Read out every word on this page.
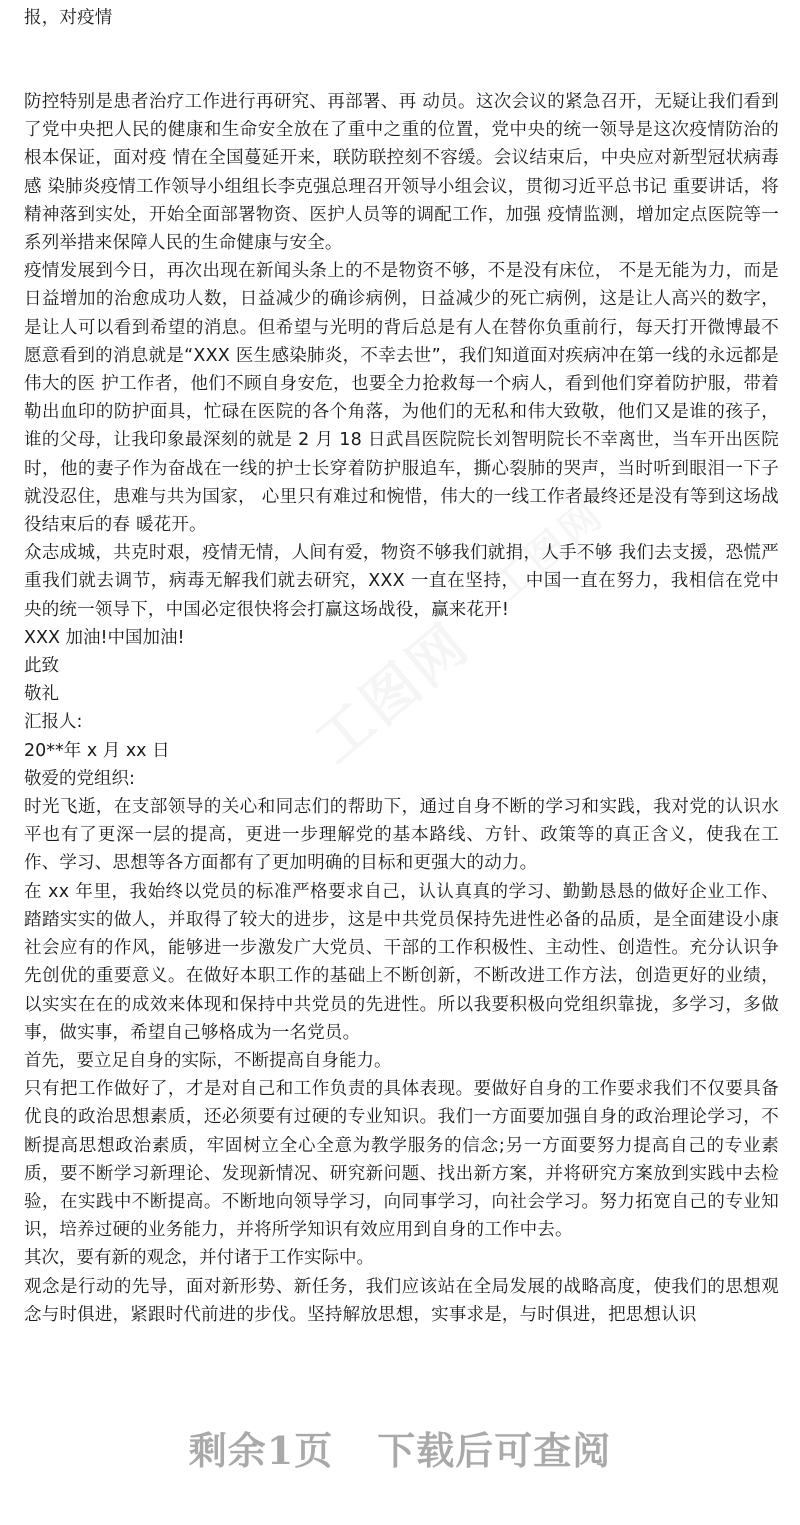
报，对疫情

防控特别是患者治疗工作进行再研究、再部署、再 动员。这次会议的紧急召开，无疑让我们看到了党中央把人民的健康和生命安全放在了重中之重的位置，党中央的统一领导是这次疫情防治的根本保证，面对疫 情在全国蔓延开来，联防联控刻不容缓。会议结束后，中央应对新型冠状病毒感 染肺炎疫情工作领导小组组长李克强总理召开领导小组会议，贯彻习近平总书记 重要讲话，将精神落到实处，开始全面部署物资、医护人员等的调配工作，加强 疫情监测，增加定点医院等一系列举措来保障人民的生命健康与安全。

疫情发展到今日，再次出现在新闻头条上的不是物资不够，不是没有床位， 不是无能为力，而是日益增加的治愈成功人数，日益减少的确诊病例，日益减少的死亡病例，这是让人高兴的数字，是让人可以看到希望的消息。但希望与光明的背后总是有人在替你负重前行，每天打开微博最不愿意看到的消息就是“XXX 医生感染肺炎，不幸去世”，我们知道面对疾病冲在第一线的永远都是伟大的医 护工作者，他们不顾自身安危，也要全力抢救每一个病人，看到他们穿着防护服，带着勒出血印的防护面具，忙碌在医院的各个角落，为他们的无私和伟大致敬，他们又是谁的孩子，谁的父母，让我印象最深刻的就是 2 月 18 日武昌医院院长刘智明院长不幸离世，当车开出医院时，他的妻子作为奋战在一线的护士长穿着防护服追车，撕心裂肺的哭声，当时听到眼泪一下子就没忍住，患难与共为国家， 心里只有难过和惋惜，伟大的一线工作者最终还是没有等到这场战役结束后的春 暖花开。

众志成城，共克时艰，疫情无情，人间有爱，物资不够我们就捐，人手不够 我们去支援，恐慌严重我们就去调节，病毒无解我们就去研究，XXX 一直在坚持， 中国一直在努力，我相信在党中央的统一领导下，中国必定很快将会打赢这场战役，赢来花开!

XXX 加油!中国加油!

此致

敬礼

汇报人:

20**年 x 月 xx 日

敬爱的党组织:

时光飞逝，在支部领导的关心和同志们的帮助下，通过自身不断的学习和实践，我对党的认识水平也有了更深一层的提高，更进一步理解党的基本路线、方针、政策等的真正含义，使我在工作、学习、思想等各方面都有了更加明确的目标和更强大的动力。

在 xx 年里，我始终以党员的标准严格要求自己，认认真真的学习、勤勤恳恳的做好企业工作、踏踏实实的做人，并取得了较大的进步，这是中共党员保持先进性必备的品质，是全面建设小康社会应有的作风，能够进一步激发广大党员、干部的工作积极性、主动性、创造性。充分认识争先创优的重要意义。在做好本职工作的基础上不断创新，不断改进工作方法，创造更好的业绩，以实实在在的成效来体现和保持中共党员的先进性。所以我要积极向党组织靠拢，多学习，多做事，做实事，希望自己够格成为一名党员。

首先，要立足自身的实际，不断提高自身能力。

只有把工作做好了，才是对自己和工作负责的具体表现。要做好自身的工作要求我们不仅要具备优良的政治思想素质，还必须要有过硬的专业知识。我们一方面要加强自身的政治理论学习，不断提高思想政治素质，牢固树立全心全意为教学服务的信念;另一方面要努力提高自己的专业素质，要不断学习新理论、发现新情况、研究新问题、找出新方案，并将研究方案放到实践中去检验，在实践中不断提高。不断地向领导学习，向同事学习，向社会学习。努力拓宽自己的专业知识，培养过硬的业务能力，并将所学知识有效应用到自身的工作中去。

其次，要有新的观念，并付诸于工作实际中。

观念是行动的先导，面对新形势、新任务，我们应该站在全局发展的战略高度，使我们的思想观念与时俱进，紧跟时代前进的步伐。坚持解放思想，实事求是，与时俱进，把思想认识

剩余1页 下载后可查阅
